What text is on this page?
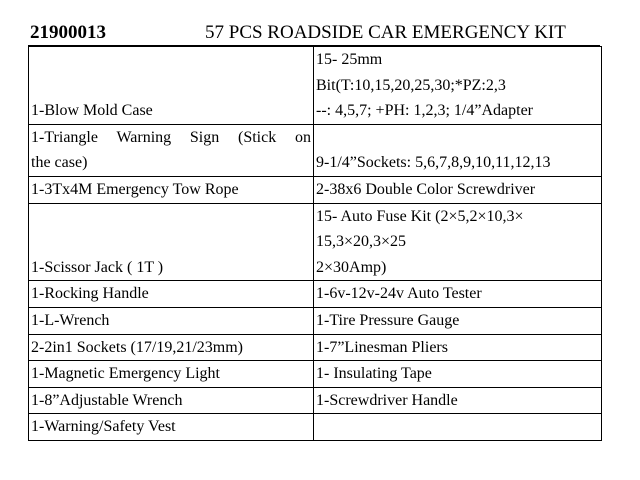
21900013	57 PCS ROADSIDE CAR EMERGENCY KIT
1-Blow Mold Case	15- 25mm
Bit(T:10,15,20,25,30;*PZ:2,3
--: 4,5,7; +PH: 1,2,3; 1/4”Adapter

1-Triangle Warning Sign (Stick on
the case)	9-1/4”Sockets: 5,6,7,8,9,10,11,12,13

1-3Tx4M Emergency Tow Rope	2-38x6 Double Color Screwdriver

1-Scissor Jack ( 1T )	15- Auto Fuse Kit (2×5,2×10,3×
15,3×20,3×25
2×30Amp)

1-Rocking Handle	1-6v-12v-24v Auto Tester

1-L-Wrench	1-Tire Pressure Gauge

2-2in1 Sockets (17/19,21/23mm)	1-7”Linesman Pliers

1-Magnetic Emergency Light	1- Insulating Tape

1-8”Adjustable Wrench	1-Screwdriver Handle

1-Warning/Safety Vest	
